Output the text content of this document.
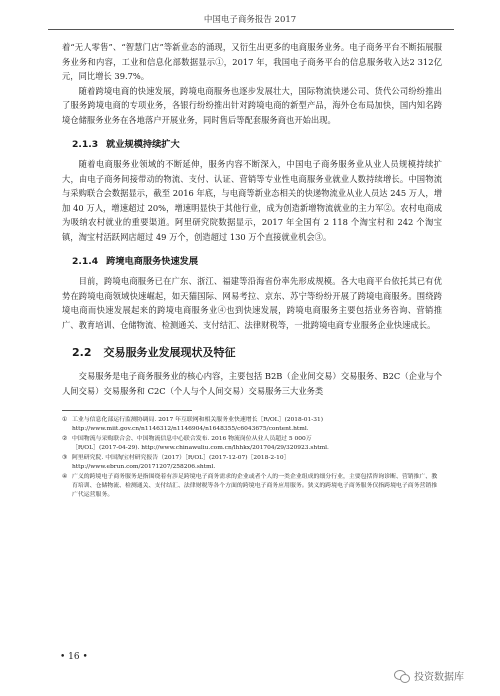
中国电子商务报告 2017

着“无人零售”、“智慧门店”等新业态的涌现，又衍生出更多的电商服务业务。电子商务平台不断拓展服务业务和内容，工业和信息化部数据显示①，2017 年，我国电子商务平台的信息服务收入达2 312亿元，同比增长 39.7%。

随着跨境电商的快速发展，跨境电商服务也逐步发展壮大，国际物流快递公司、货代公司纷纷推出了服务跨境电商的专项业务，各银行纷纷推出针对跨境电商的新型产品，海外仓布局加快，国内知名跨境仓储服务业务在各地落户开展业务，同时售后等配套服务商也开始出现。

2.1.3 就业规模持续扩大

随着电商服务业领域的不断延伸，服务内容不断深入，中国电子商务服务业从业人员规模持续扩大，由电子商务间接带动的物流、支付、认证、营销等专业性电商服务业就业人数持续增长。中国物流与采购联合会数据显示，截至 2016 年底，与电商等新业态相关的快递物流业从业人员达 245 万人，增加 40 万人，增速超过 20%，增速明显快于其他行业，成为创造新增物流就业的主力军②。农村电商成为吸纳农村就业的重要渠道。阿里研究院数据显示，2017 年全国有 2 118 个淘宝村和 242 个淘宝镇，淘宝村活跃网店超过 49 万个，创造超过 130 万个直接就业机会③。

2.1.4 跨境电商服务快速发展

目前，跨境电商服务已在广东、浙江、福建等沿海省份率先形成规模。各大电商平台依托其已有优势在跨境电商领域快速崛起，如天猫国际、网易考拉、京东、苏宁等纷纷开展了跨境电商服务。围绕跨境电商而快速发展起来的跨境电商服务业④也到快速发展，跨境电商服务主要包括业务咨询、营销推广、教育培训、仓储物流、检测通关、支付结汇、法律财税等，一批跨境电商专业服务企业快速成长。

2.2 交易服务业发展现状及特征

交易服务是电子商务服务业的核心内容，主要包括 B2B（企业间交易）交易服务、B2C（企业与个人间交易）交易服务和 C2C（个人与个人间交易）交易服务三大业务类

① 工业与信息化部运行监测协调局. 2017 年互联网和相关服务业快速增长［R/OL］(2018-01-31)
http://www.miit.gov.cn/n1146312/n1146904/n1648355/c6043675/content.html.
② 中国物流与采购联合会、中国物流信息中心联合发布. 2016 物流岗位从业人员超过 5 000万
［R/OL］(2017-04-29). http://www.chinawuliu.com.cn/lhhkx/201704/29/320923.shtml.
③ 阿里研究院. 中国淘宝村研究报告（2017）［R/OL］(2017-12-07)［2018-2-10］
http://www.ebrun.com/20171207/258206.shtml.
④ 广义的跨境电子商务服务是指围绕着有涉足跨境电子商务需求的企业或者个人的一类企业组成的细分行业，主要包括咨询诊断、营销推广、教育培训、仓储物流、检测通关、支付结汇、法律财税等各个方面的跨境电子商务应用服务。狭义的跨境电子商务服务仅指跨境电子商务营销推广代运营服务。
• 16 •
投资数据库
